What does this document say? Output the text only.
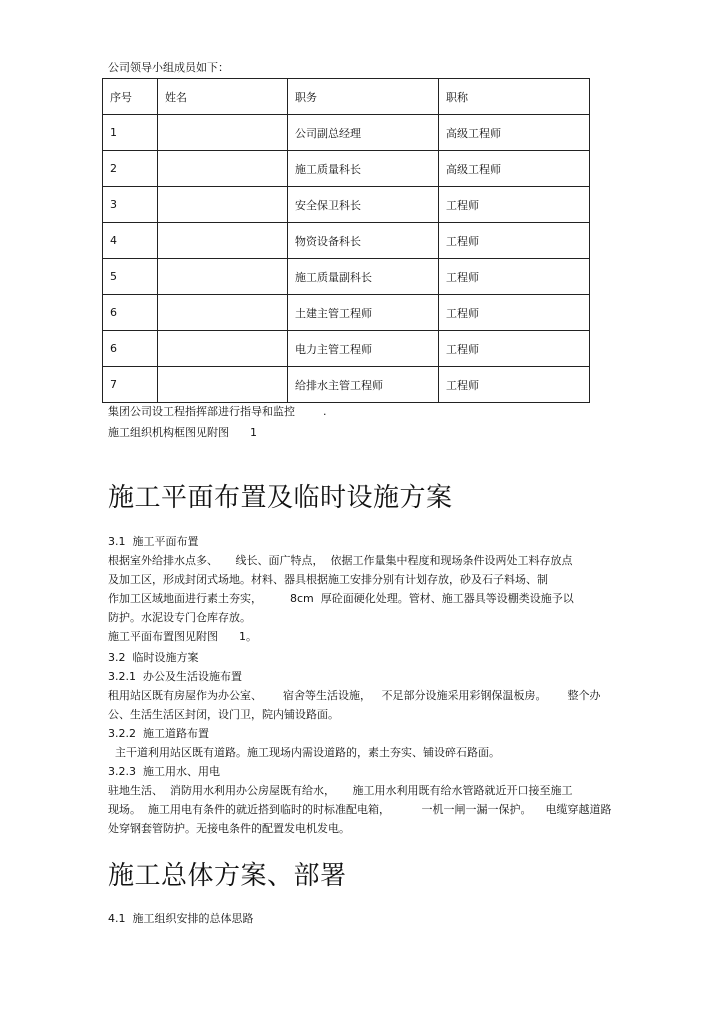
公司领导小组成员如下：
序号	姓名	职务	职称
1		公司副总经理	高级工程师
2		施工质量科长	高级工程师
3		安全保卫科长	工程师
4		物资设备科长	工程师
5		施工质量副科长	工程师
6		土建主管工程师	工程师
6		电力主管工程师	工程师
7		给排水主管工程师	工程师
集团公司设工程指挥部进行指导和监控        .
施工组织机构框图见附图      1
施工平面布置及临时设施方案
3.1  施工平面布置
根据室外给排水点多、     线长、面广特点，  依据工作量集中程度和现场条件设两处工料存放点
及加工区，形成封闭式场地。材料、器具根据施工安排分别有计划存放，砂及石子料场、制
作加工区域地面进行素土夯实，        8cm  厚砼面硬化处理。管材、施工器具等设棚类设施予以
防护。水泥设专门仓库存放。
施工平面布置图见附图      1。
3.2  临时设施方案
3.2.1  办公及生活设施布置
租用站区既有房屋作为办公室、      宿舍等生活设施，   不足部分设施采用彩钢保温板房。      整个办
公、生活生活区封闭，设门卫，院内铺设路面。
3.2.2  施工道路布置
主干道利用站区既有道路。施工现场内需设道路的，素土夯实、铺设碎石路面。
3.2.3  施工用水、用电
驻地生活、  消防用水利用办公房屋既有给水，     施工用水利用既有给水管路就近开口接至施工
现场。  施工用电有条件的就近搭到临时的时标准配电箱，         一机一闸一漏一保护。    电缆穿越道路
处穿钢套管防护。无接电条件的配置发电机发电。
施工总体方案、部署
4.1  施工组织安排的总体思路
